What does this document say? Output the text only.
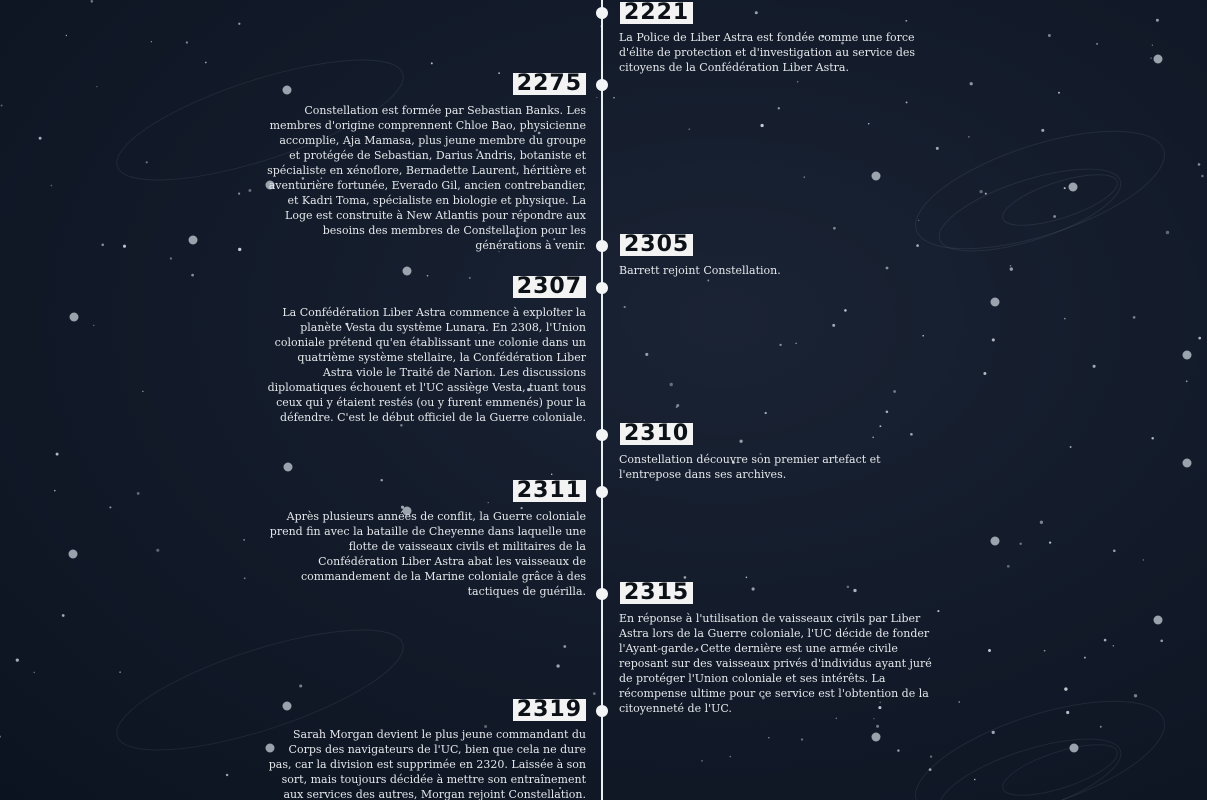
2221
La Police de Liber Astra est fondée comme une force d'élite de protection et d'investigation au service des citoyens de la Confédération Liber Astra.
2275
Constellation est formée par Sebastian Banks. Les membres d'origine comprennent Chloe Bao, physicienne accomplie, Aja Mamasa, plus jeune membre du groupe et protégée de Sebastian, Darius Andris, botaniste et spécialiste en xénoflore, Bernadette Laurent, héritière et aventurière fortunée, Everado Gil, ancien contrebandier, et Kadri Toma, spécialiste en biologie et physique. La Loge est construite à New Atlantis pour répondre aux besoins des membres de Constellation pour les générations à venir. 2305
Barrett rejoint Constellation.
2307
La Confédération Liber Astra commence à exploiter la planète Vesta du système Lunara. En 2308, l'Union coloniale prétend qu'en établissant une colonie dans un quatrième système stellaire, la Confédération Liber Astra viole le Traité de Narion. Les discussions diplomatiques échouent et l'UC assiège Vesta, tuant tous ceux qui y étaient restés (ou y furent emmenés) pour la défendre. C'est le début officiel de la Guerre coloniale.
2310
Constellation découvre son premier artefact et l'entrepose dans ses archives.
2311
Après plusieurs années de conflit, la Guerre coloniale prend fin avec la bataille de Cheyenne dans laquelle une flotte de vaisseaux civils et militaires de la Confédération Liber Astra abat les vaisseaux de commandement de la Marine coloniale grâce à des tactiques de guérilla. 2315
En réponse à l'utilisation de vaisseaux civils par Liber Astra lors de la Guerre coloniale, l'UC décide de fonder l'Ayant-garde. Cette dernière est une armée civile reposant sur des vaisseaux privés d'individus ayant juré de protéger l'Union coloniale et ses intérêts. La récompense ultime pour ce service est l'obtention de la citoyenneté de l'UC.
2319
Sarah Morgan devient le plus jeune commandant du Corps des navigateurs de l'UC, bien que cela ne dure pas, car la division est supprimée en 2320. Laissée à son sort, mais toujours décidée à mettre son entraînement aux services des autres, Morgan rejoint Constellation.
